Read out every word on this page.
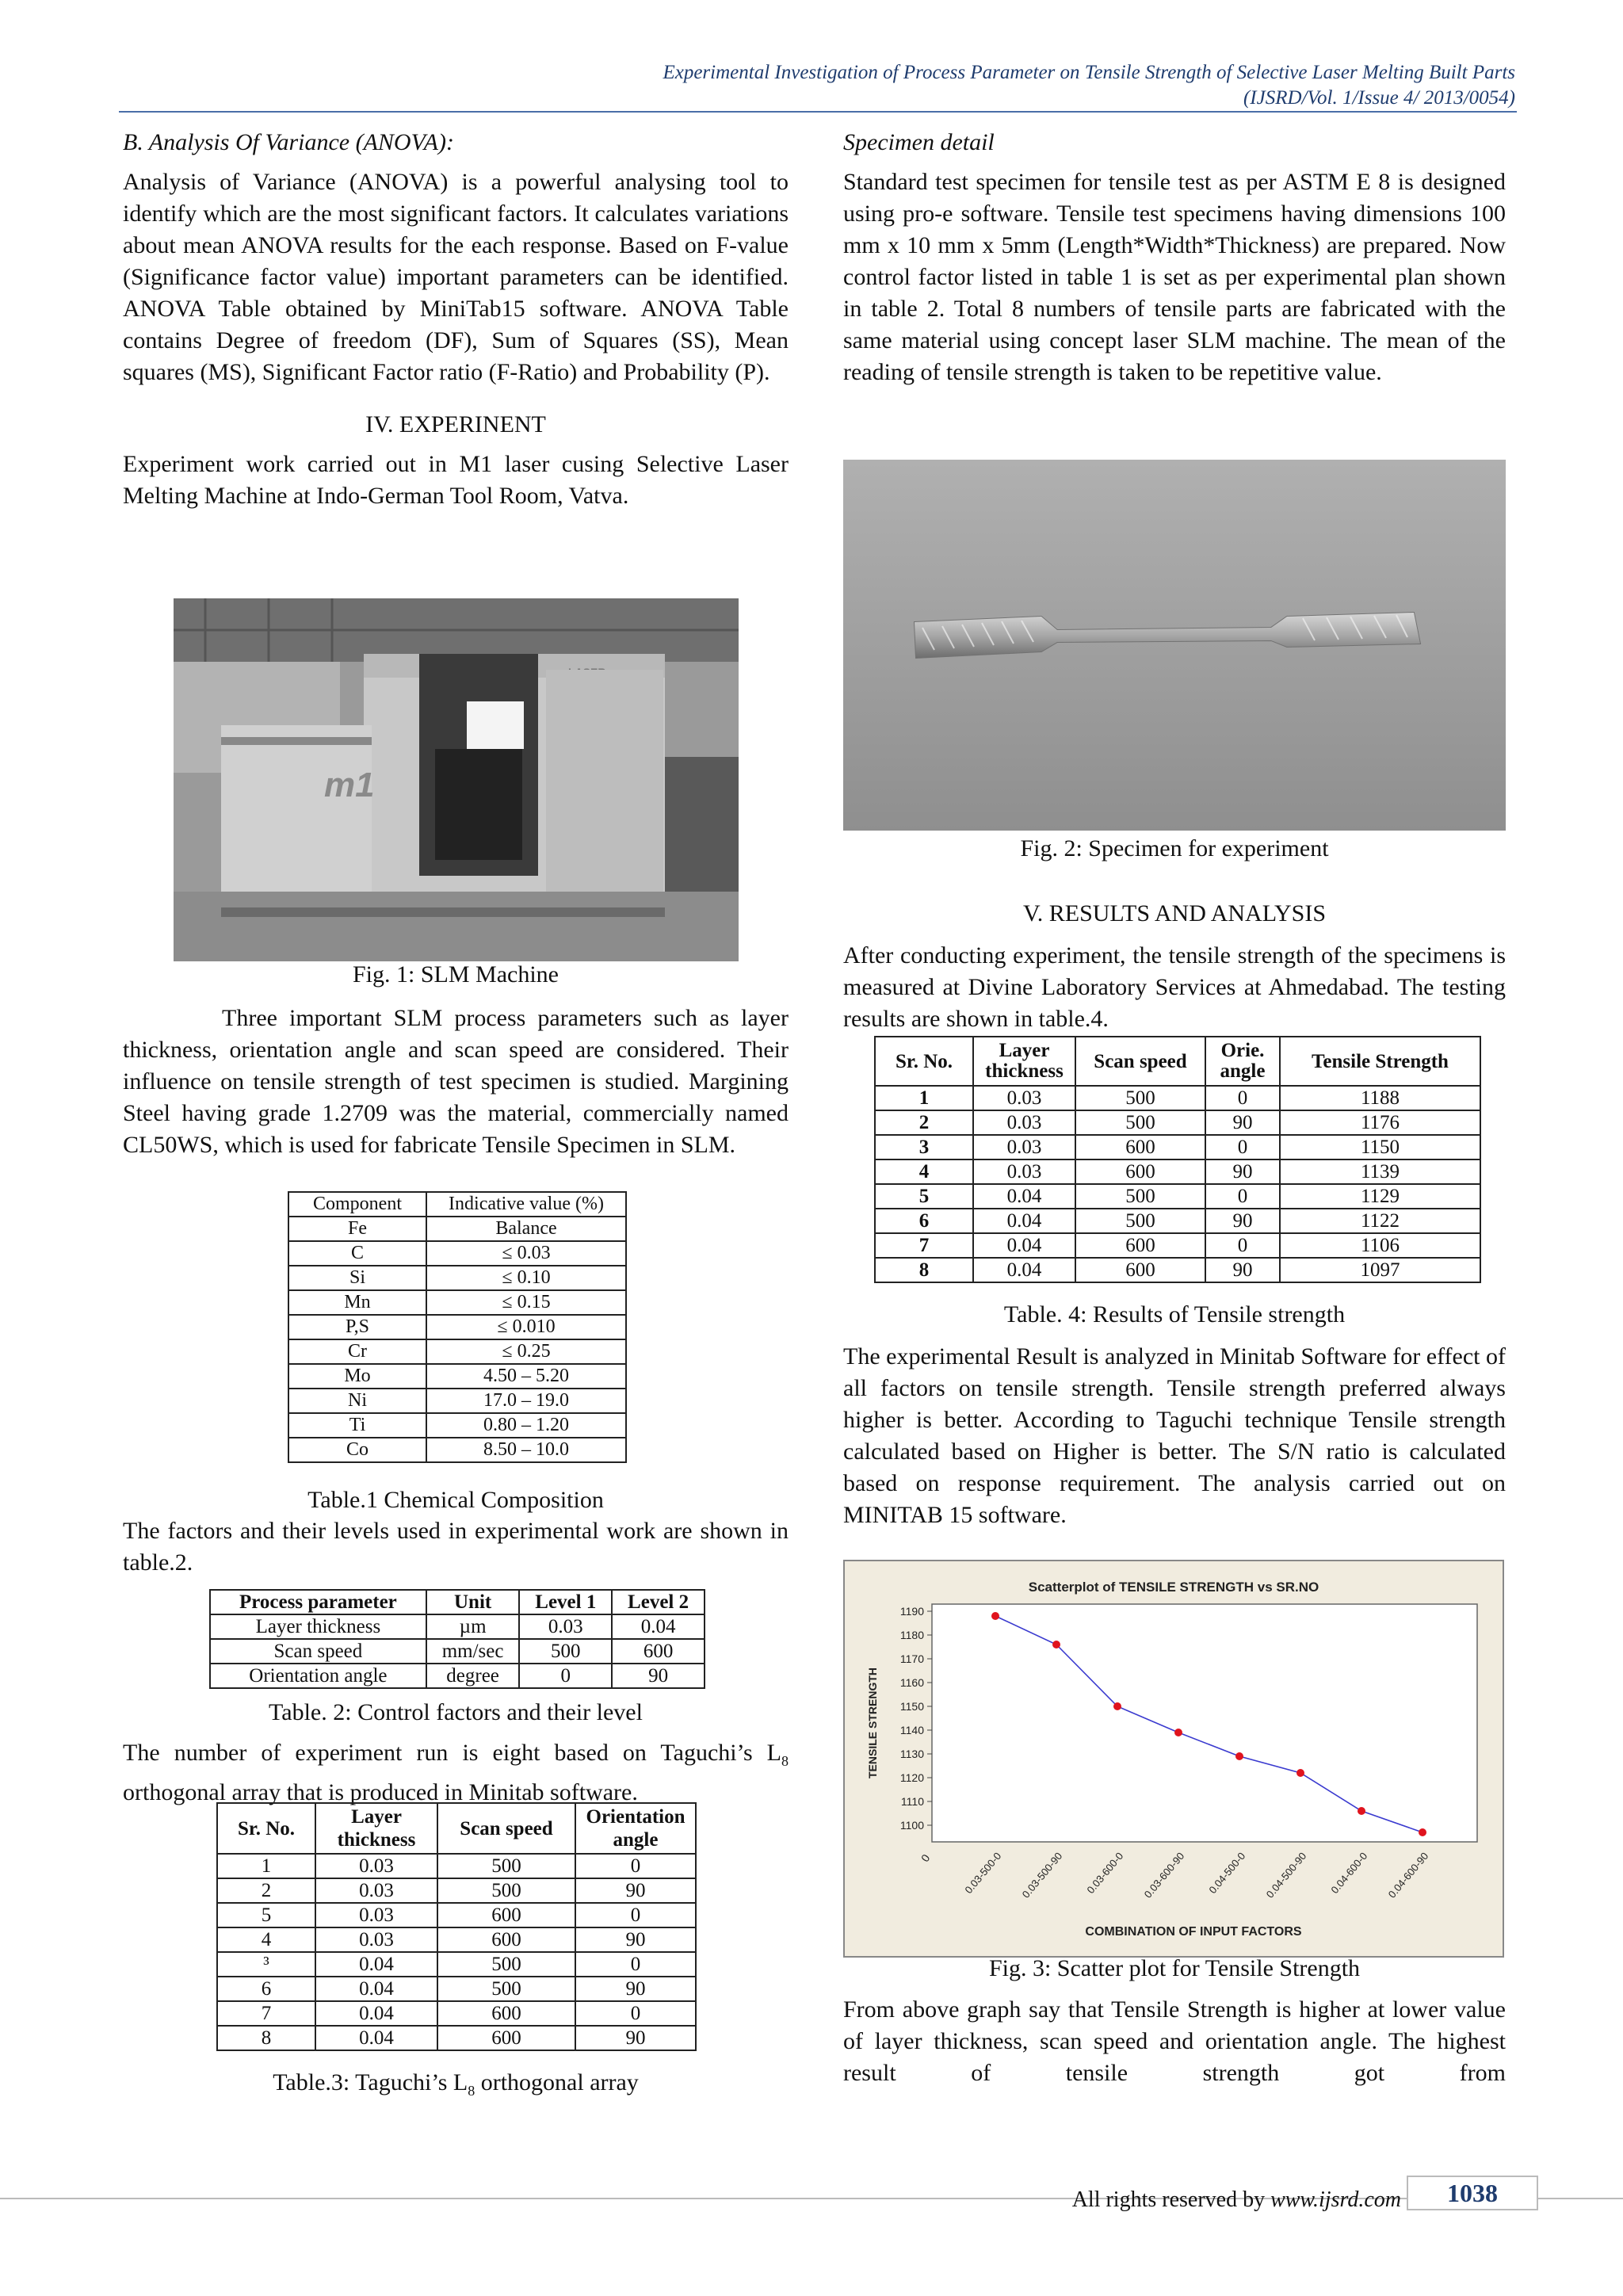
Experimental Investigation of Process Parameter on Tensile Strength of Selective Laser Melting Built Parts
(IJSRD/Vol. 1/Issue 4/ 2013/0054)
B. Analysis Of Variance (ANOVA):

Analysis of Variance (ANOVA) is a powerful analysing tool to identify which are the most significant factors. It calculates variations about mean ANOVA results for the each response. Based on F-value (Significance factor value) important parameters can be identified. ANOVA Table obtained by MiniTab15 software. ANOVA Table contains Degree of freedom (DF), Sum of Squares (SS), Mean squares (MS), Significant Factor ratio (F-Ratio) and Probability (P).

IV. EXPERINENT

Experiment work carried out in M1 laser cusing Selective Laser Melting Machine at Indo-German Tool Room, Vatva.

m1
Fig. 1: SLM Machine

Three important SLM process parameters such as layer thickness, orientation angle and scan speed are considered. Their influence on tensile strength of test specimen is studied. Margining Steel having grade 1.2709 was the material, commercially named CL50WS, which is used for fabricate Tensile Specimen in SLM.

Component	Indicative value (%)
Fe	Balance
C	≤ 0.03
Si	≤ 0.10
Mn	≤ 0.15
P,S	≤ 0.010
Cr	≤ 0.25
Mo	4.50 – 5.20
Ni	17.0 – 19.0
Ti	0.80 – 1.20
Co	8.50 – 10.0
Table.1 Chemical Composition

The factors and their levels used in experimental work are shown in table.2.

Process parameter	Unit	Level 1	Level 2
Layer thickness	µm	0.03	0.04
Scan speed	mm/sec	500	600
Orientation angle	degree	0	90
Table. 2: Control factors and their level

The number of experiment run is eight based on Taguchi’s $L_8$ orthogonal array that is produced in Minitab software.

Sr. No.	Layer thickness	Scan speed	Orientation angle
1	0.03	500	0
2	0.03	500	90
5	0.03	600	0
4	0.03	600	90
³	0.04	500	0
6	0.04	500	90
7	0.04	600	0
8	0.04	600	90
Table.3: Taguchi’s $L_8$ orthogonal array
Specimen detail

Standard test specimen for tensile test as per ASTM E 8 is designed using pro-e software. Tensile test specimens having dimensions 100 mm x 10 mm x 5mm (Length*Width*Thickness) are prepared. Now control factor listed in table 1 is set as per experimental plan shown in table 2. Total 8 numbers of tensile parts are fabricated with the same material using concept laser SLM machine. The mean of the reading of tensile strength is taken to be repetitive value.

Fig. 2: Specimen for experiment
V. RESULTS AND ANALYSIS

After conducting experiment, the tensile strength of the specimens is measured at Divine Laboratory Services at Ahmedabad. The testing results are shown in table.4.

Sr. No.	Layer thickness	Scan speed	Orie. angle	Tensile Strength
1	0.03	500	0	1188
2	0.03	500	90	1176
3	0.03	600	0	1150
4	0.03	600	90	1139
5	0.04	500	0	1129
6	0.04	500	90	1122
7	0.04	600	0	1106
8	0.04	600	90	1097
Table. 4: Results of Tensile strength

The experimental Result is analyzed in Minitab Software for effect of all factors on tensile strength. Tensile strength preferred always higher is better. According to Taguchi technique Tensile strength calculated based on Higher is better. The S/N ratio is calculated based on response requirement. The analysis carried out on MINITAB 15 software.

Scatterplot of TENSILE STRENGTH vs SR.NO
TENSILE STRENGTH
COMBINATION OF INPUT FACTORS
1100
1110
1120
1130
1140
1150
1160
1170
1180
1190
0	0.03-500-0 0.03-500-90 0.03-600-0 0.03-600-90 0.04-500-0 0.04-500-90 0.04-600-0 0.04-600-90
Fig. 3: Scatter plot for Tensile Strength

From above graph say that Tensile Strength is higher at lower value of layer thickness, scan speed and orientation angle. The highest result of tensile strength got from

All rights reserved by www.ijsrd.com	1038
